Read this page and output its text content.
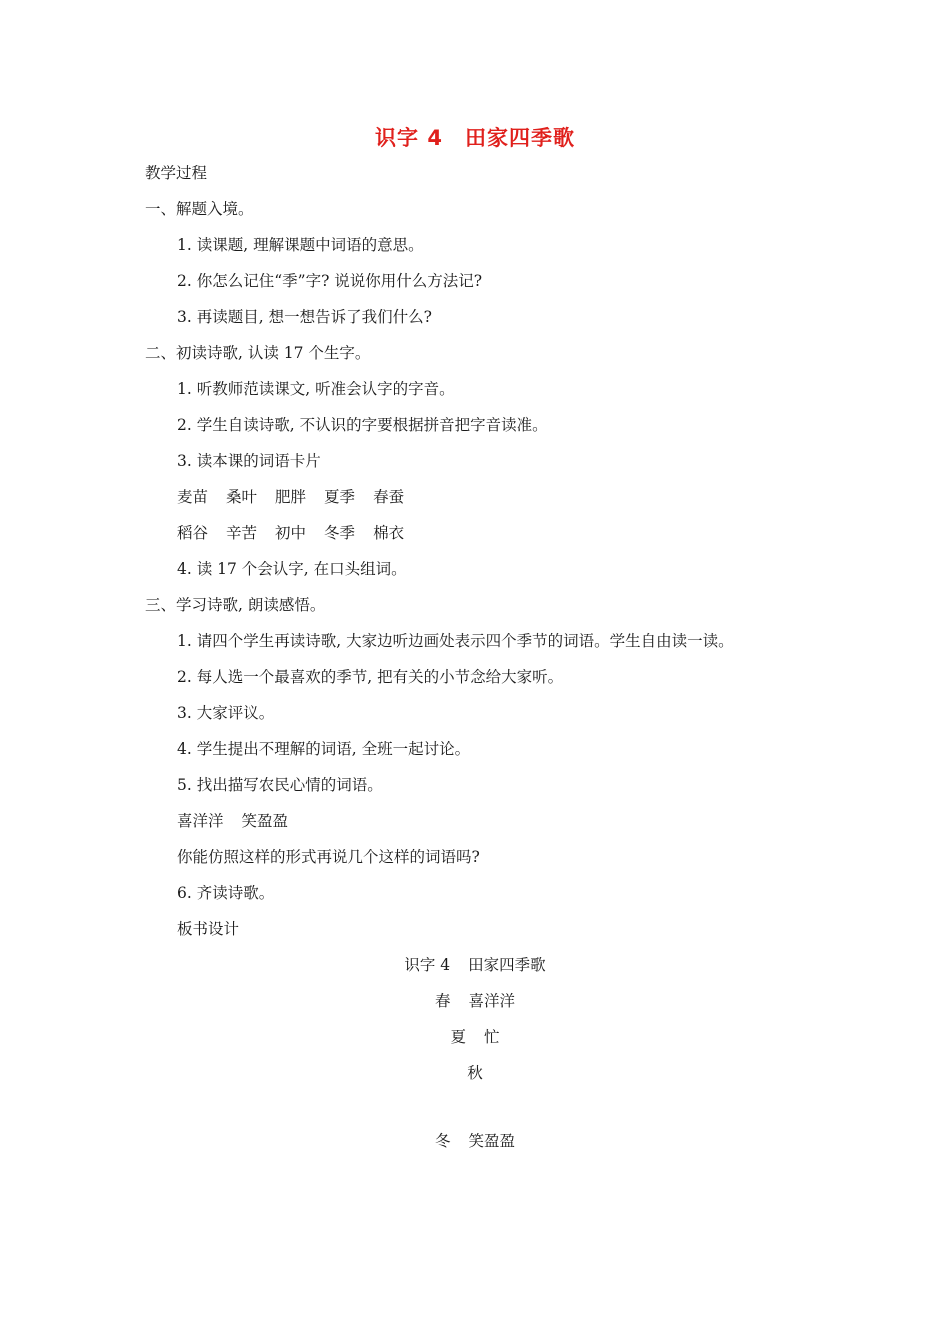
识字 4 田家四季歌
教学过程
一、解题入境。
1. 读课题, 理解课题中词语的意思。
2. 你怎么记住“季”字? 说说你用什么方法记?
3. 再读题目, 想一想告诉了我们什么?
二、初读诗歌, 认读 17 个生字。
1. 听教师范读课文, 听准会认字的字音。
2. 学生自读诗歌, 不认识的字要根据拼音把字音读准。
3. 读本课的词语卡片
麦苗 桑叶 肥胖 夏季 春蚕
稻谷 辛苦 初中 冬季 棉衣
4. 读 17 个会认字, 在口头组词。
三、学习诗歌, 朗读感悟。
1. 请四个学生再读诗歌, 大家边听边画处表示四个季节的词语。学生自由读一读。
2. 每人选一个最喜欢的季节, 把有关的小节念给大家听。
3. 大家评议。
4. 学生提出不理解的词语, 全班一起讨论。
5. 找出描写农民心情的词语。
喜洋洋 笑盈盈
你能仿照这样的形式再说几个这样的词语吗?
6. 齐读诗歌。
板书设计
识字 4 田家四季歌
春 喜洋洋
夏 忙
秋
冬 笑盈盈
